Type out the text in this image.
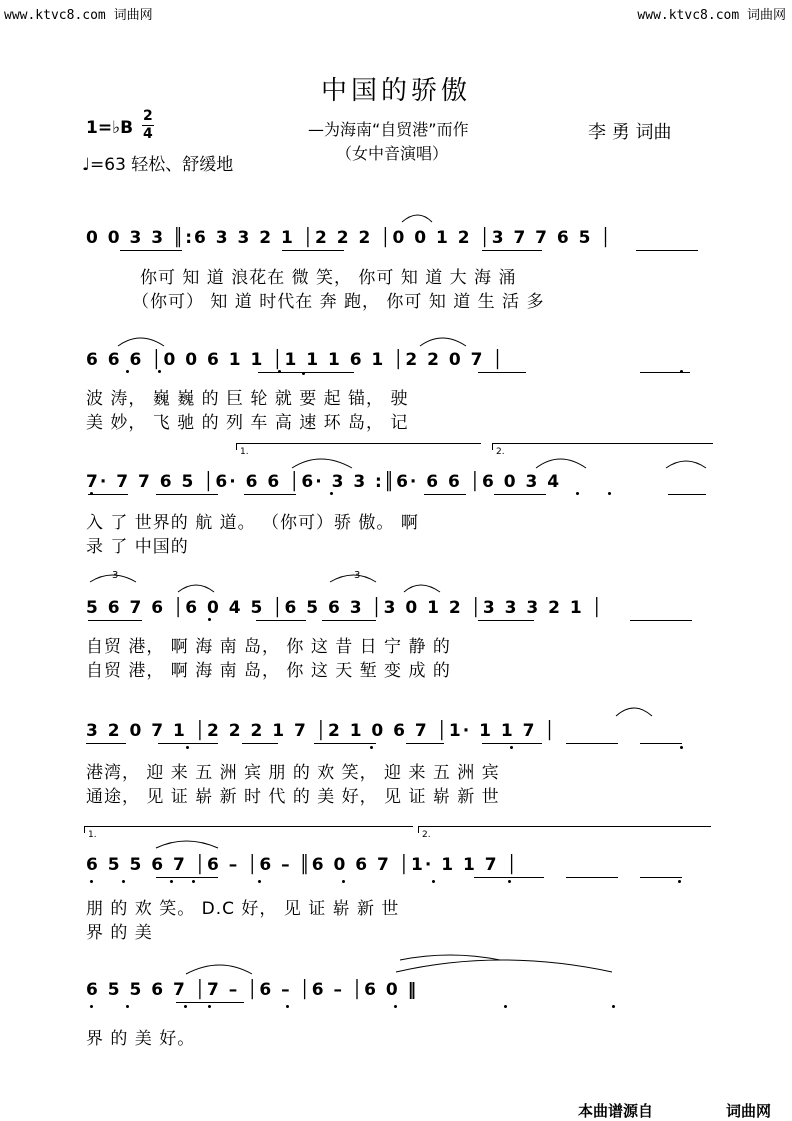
www.ktvc8.com 词曲网	www.ktvc8.com 词曲网
中国的骄傲
—为海南“自贸港”而作
（女中音演唱）
李 勇 词曲
1=♭B
2
4
♩=63 轻松、舒缓地
0 0 3 3 ║:6 3 3 2 1 │2 2 2 │0 0 1 2 │3 7 7 6 5 │
你可 知 道 浪花在 微 笑， 你可 知 道 大 海 涌
（你可） 知 道 时代在 奔 跑， 你可 知 道 生 活 多
6 6 6 │0 0 6 1 1 │1 1 1 6 1 │2 2 0 7 │
波 涛， 巍 巍 的 巨 轮 就 要 起 锚， 驶
美 妙， 飞 驰 的 列 车 高 速 环 岛， 记
7· 7 7 6 5 │6· 6 6 │6· 3 3 :║6· 6 6 │6 0 3 4
入 了 世界的 航 道。 （你可）骄 傲。 啊
录 了 中国的
1.	2.
5 6 7 6 │6 0 4 5 │6 5 6 3 │3 0 1 2 │3 3 3 2 1 │
自贸 港， 啊 海 南 岛， 你 这 昔 日 宁 静 的
自贸 港， 啊 海 南 岛， 你 这 天 堑 变 成 的
3	3
3 2 0 7 1 │2 2 2 1 7 │2 1 0 6 7 │1· 1 1 7 │
港湾， 迎 来 五 洲 宾 朋 的 欢 笑， 迎 来 五 洲 宾
通途， 见 证 崭 新 时 代 的 美 好， 见 证 崭 新 世
6 5 5 6 7 │6 – │6 – ║6 0 6 7 │1· 1 1 7 │
朋 的 欢 笑。 D.C 好， 见 证 崭 新 世
界 的 美
1.	2.
6 5 5 6 7 │7 – │6 – │6 – │6 0 ‖
界 的 美 好。
本曲谱源自	词曲网
